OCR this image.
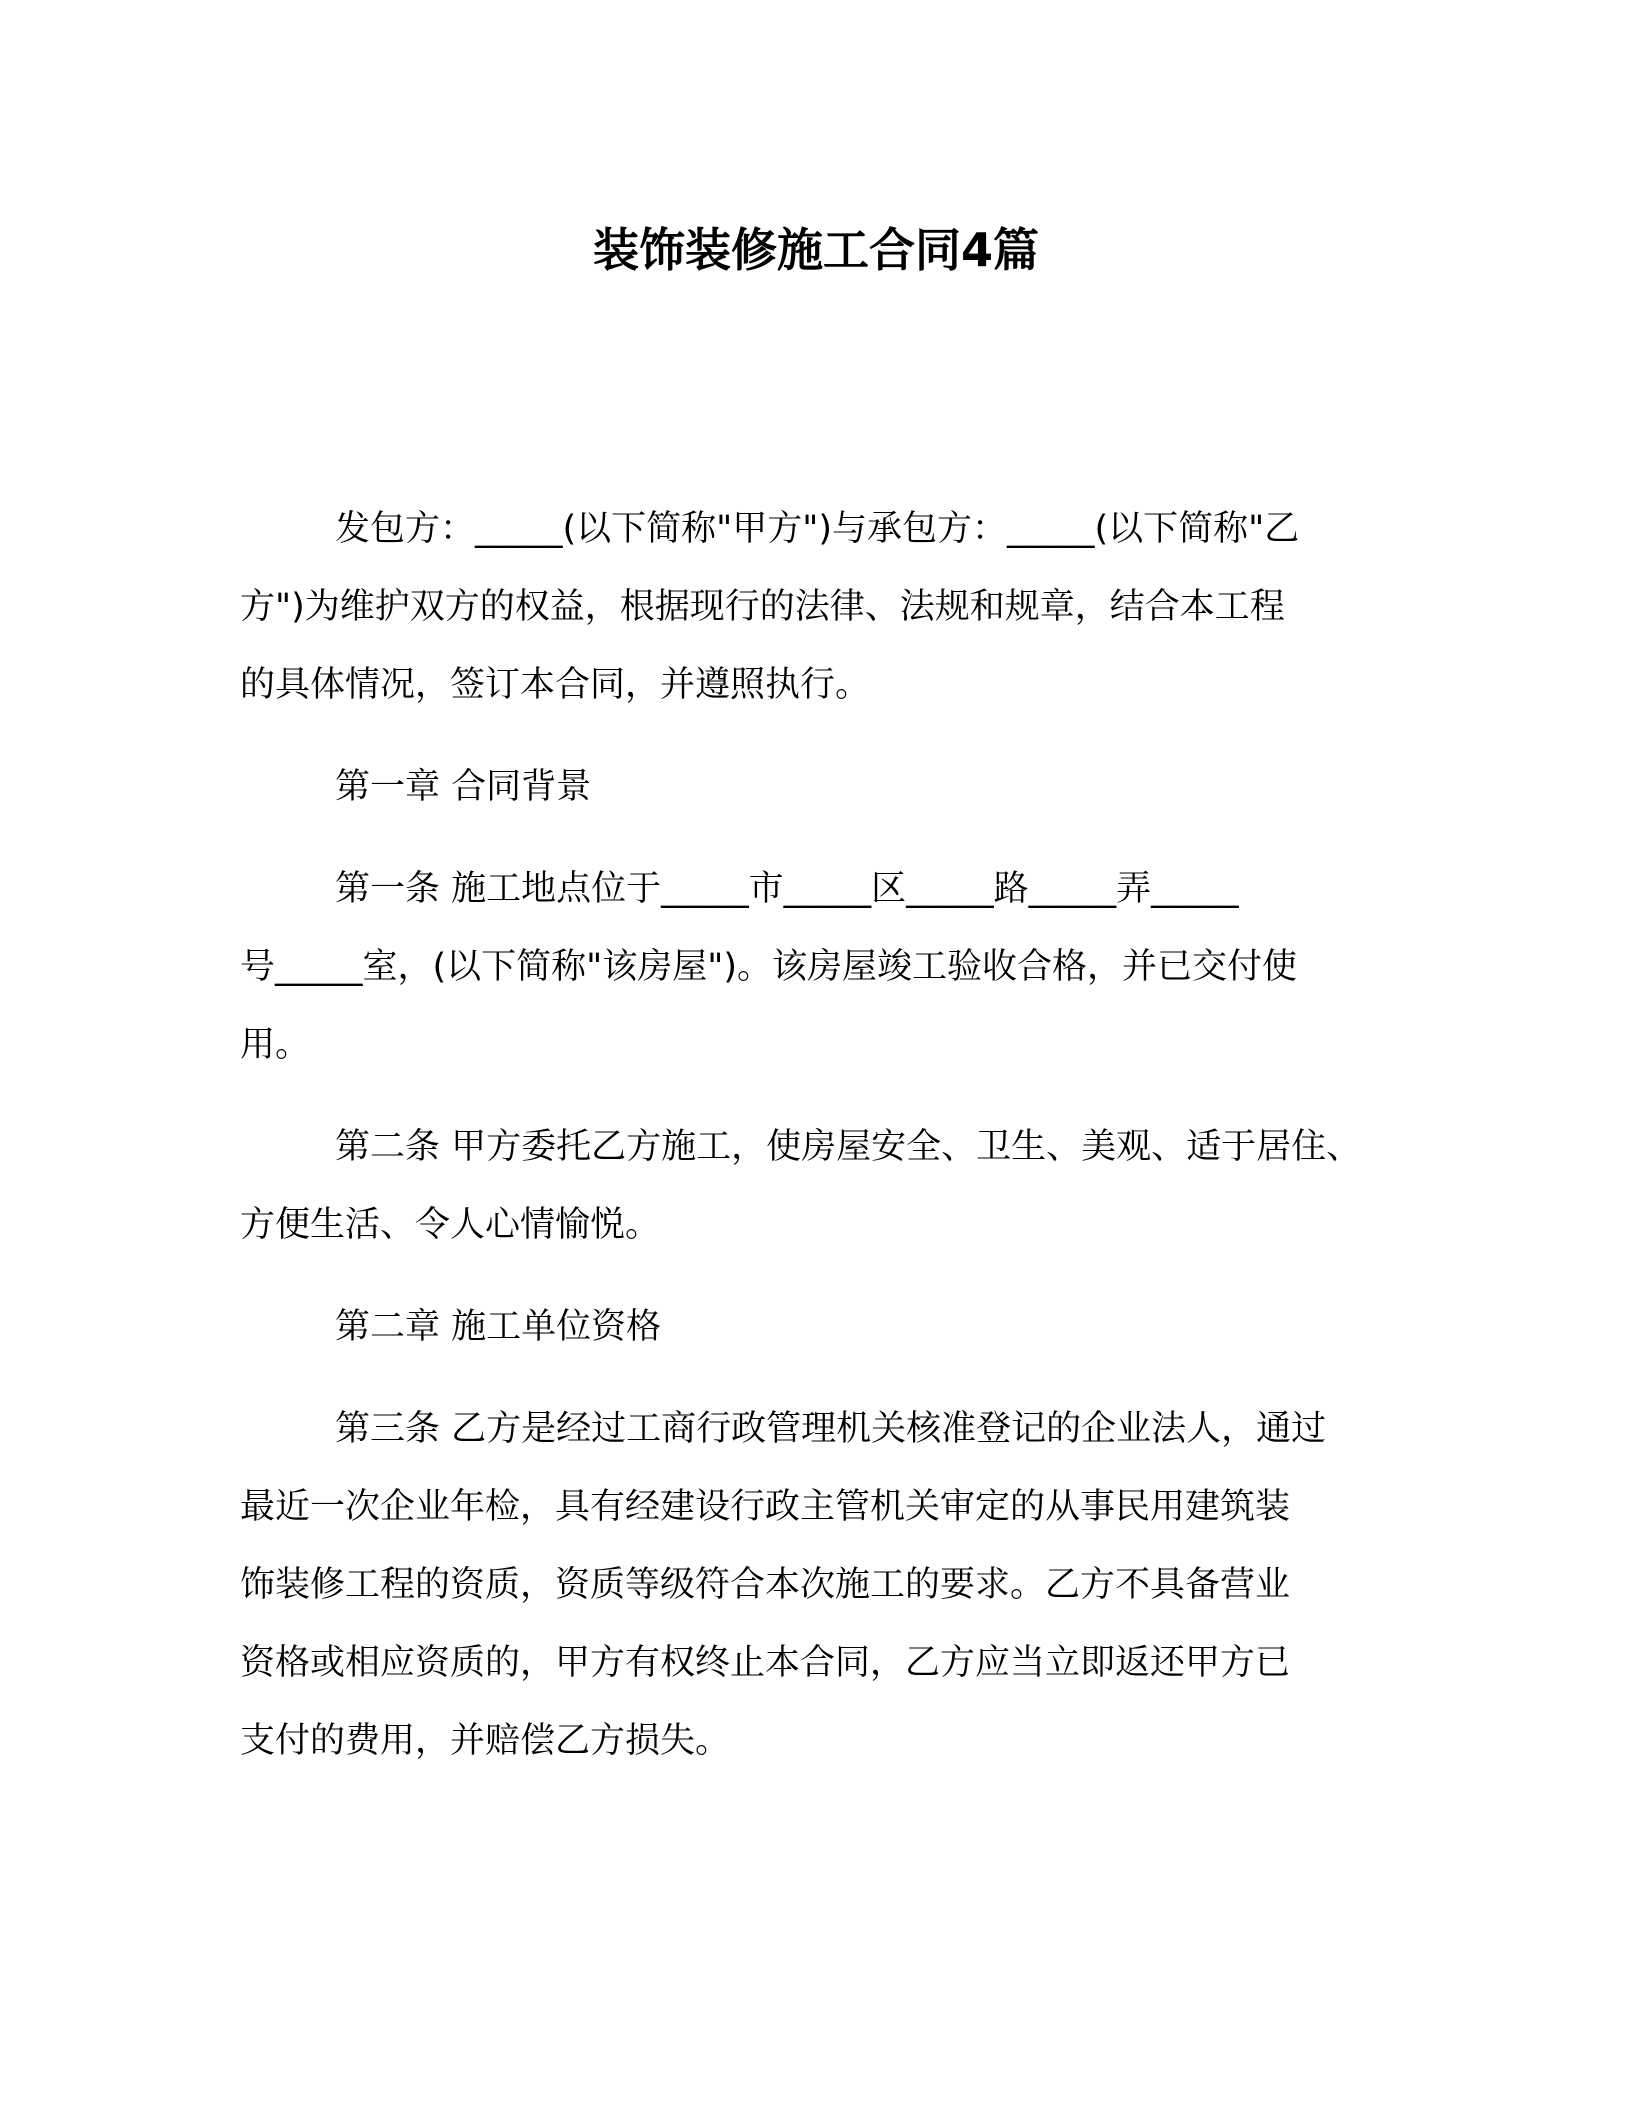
装饰装修施工合同4篇
发包方：_____(以下简称"甲方")与承包方：_____(以下简称"乙
方")为维护双方的权益，根据现行的法律、法规和规章，结合本工程
的具体情况，签订本合同，并遵照执行。
第一章 合同背景
第一条 施工地点位于_____市_____区_____路_____弄_____
号_____室，(以下简称"该房屋")。该房屋竣工验收合格，并已交付使
用。
第二条 甲方委托乙方施工，使房屋安全、卫生、美观、适于居住、
方便生活、令人心情愉悦。
第二章 施工单位资格
第三条 乙方是经过工商行政管理机关核准登记的企业法人，通过
最近一次企业年检，具有经建设行政主管机关审定的从事民用建筑装
饰装修工程的资质，资质等级符合本次施工的要求。乙方不具备营业
资格或相应资质的，甲方有权终止本合同，乙方应当立即返还甲方已
支付的费用，并赔偿乙方损失。
